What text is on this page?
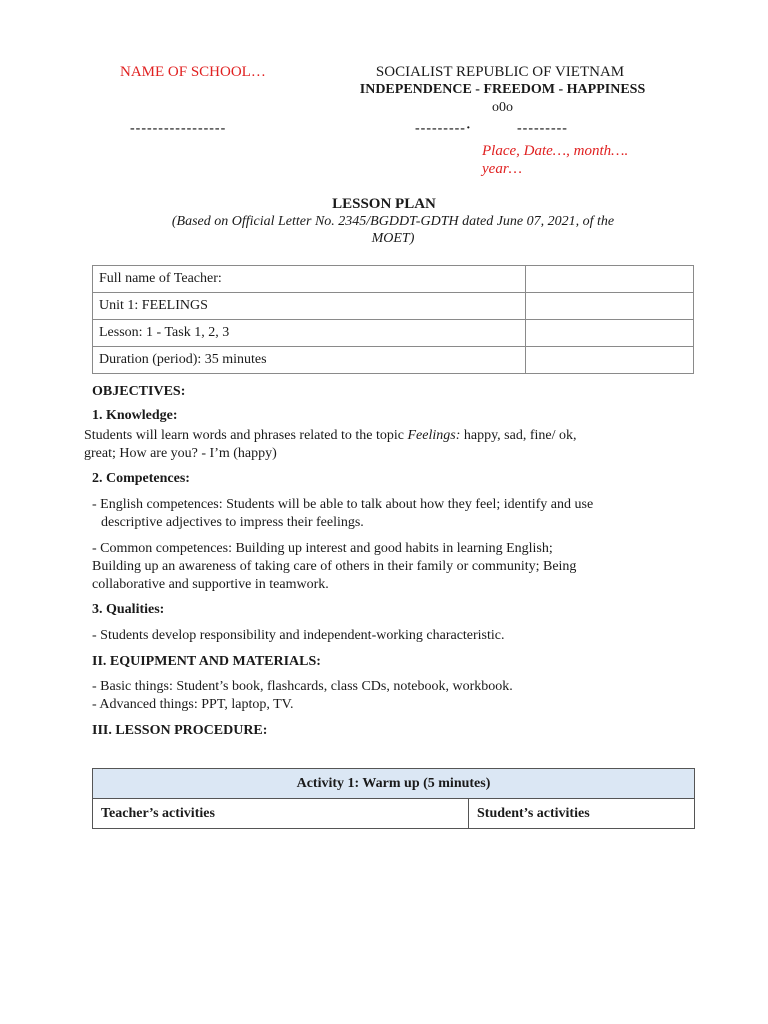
NAME OF SCHOOL…
-----------------
SOCIALIST REPUBLIC OF VIETNAM
INDEPENDENCE - FREEDOM - HAPPINESS
o0o
---------·	---------
Place, Date…, month….
year…
LESSON PLAN
(Based on Official Letter No. 2345/BGDDT-GDTH dated June 07, 2021, of the
MOET)
Full name of Teacher:	
Unit 1: FEELINGS	
Lesson: 1 - Task 1, 2, 3	
Duration (period): 35 minutes	
OBJECTIVES:
1. Knowledge:
Students will learn words and phrases related to the topic Feelings: happy, sad, fine/ ok,
great; How are you? - I’m (happy)
2. Competences:
- English competences: Students will be able to talk about how they feel; identify and use
descriptive adjectives to impress their feelings.
- Common competences: Building up interest and good habits in learning English;
Building up an awareness of taking care of others in their family or community; Being
collaborative and supportive in teamwork.
3. Qualities:
- Students develop responsibility and independent-working characteristic.
II. EQUIPMENT AND MATERIALS:
- Basic things: Student’s book, flashcards, class CDs, notebook, workbook.
- Advanced things: PPT, laptop, TV.
III. LESSON PROCEDURE:
Activity 1: Warm up (5 minutes)
Teacher’s activities	Student’s activities
